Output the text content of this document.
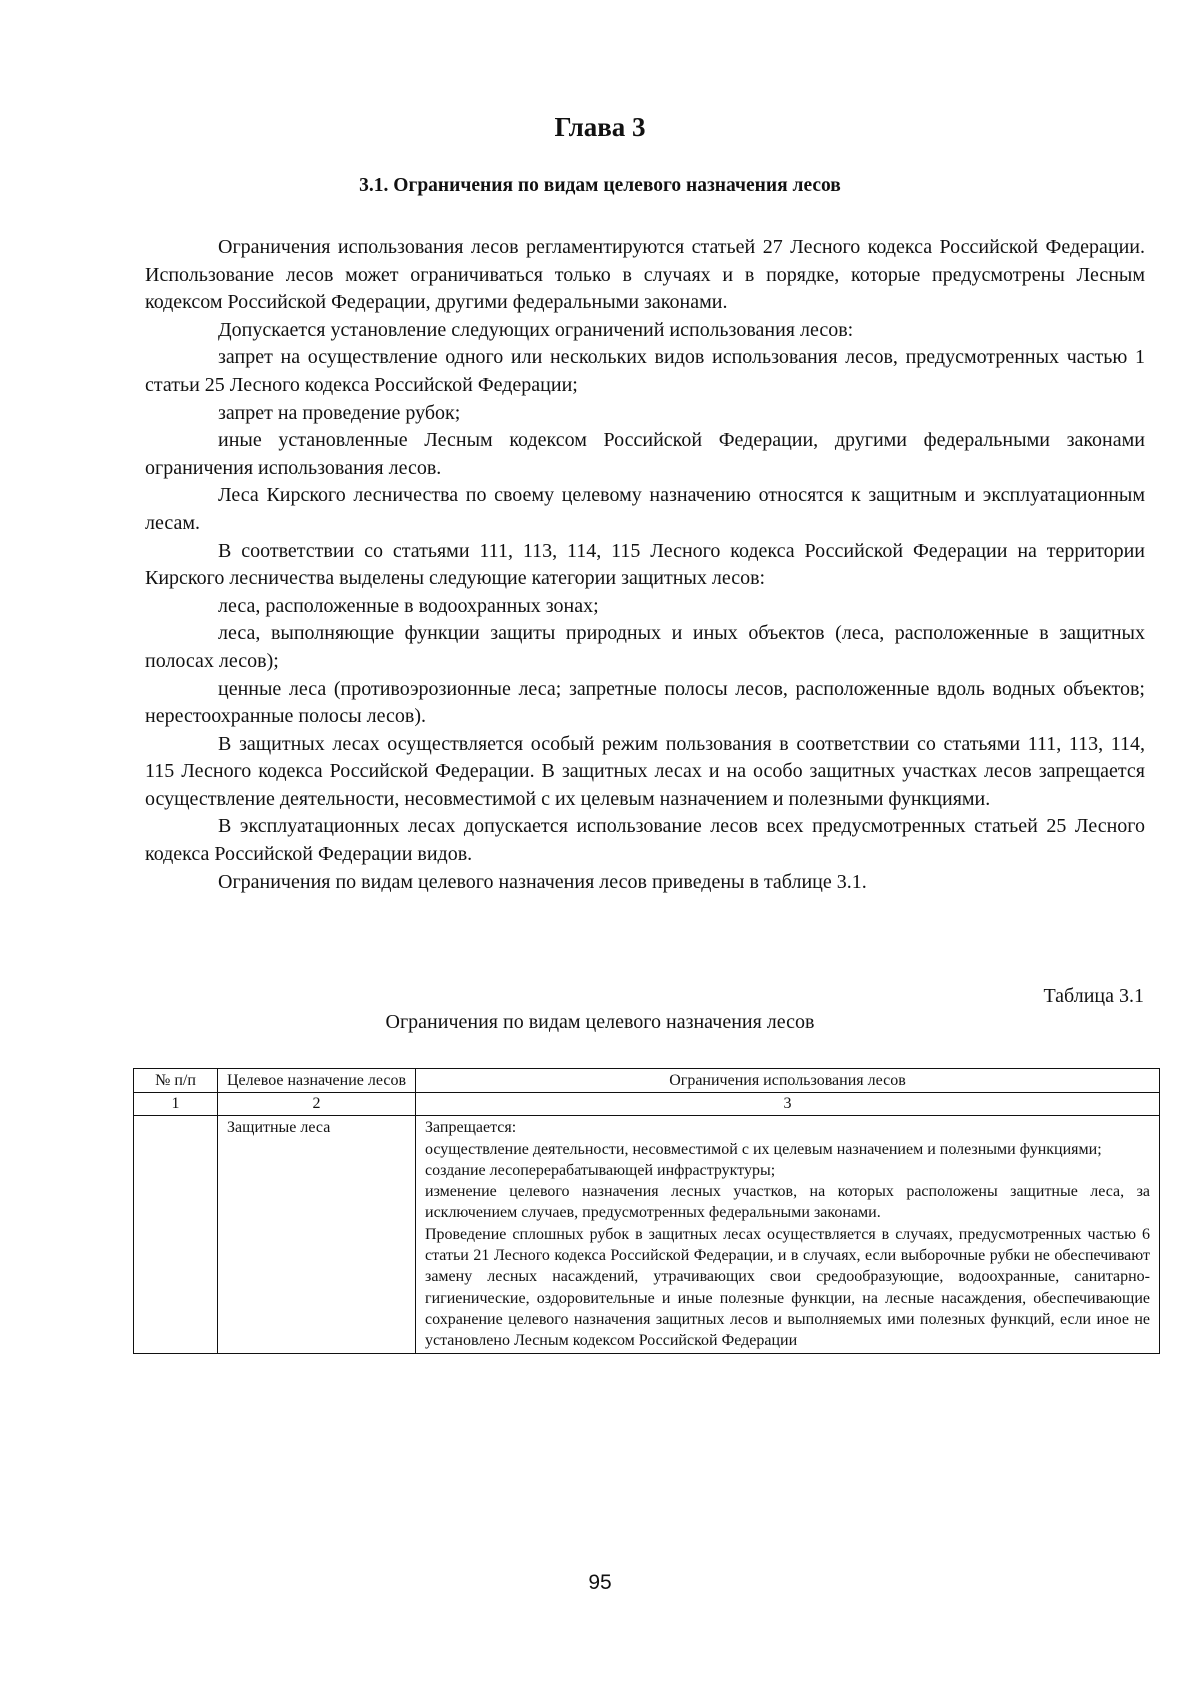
Глава 3
3.1. Ограничения по видам целевого назначения лесов

Ограничения использования лесов регламентируются статьей 27 Лесного кодекса Российской Федерации. Использование лесов может ограничиваться только в случаях и в порядке, которые предусмотрены Лесным кодексом Российской Федерации, другими федеральными законами.

Допускается установление следующих ограничений использования лесов:

запрет на осуществление одного или нескольких видов использования лесов, предусмотренных частью 1 статьи 25 Лесного кодекса Российской Федерации;

запрет на проведение рубок;

иные установленные Лесным кодексом Российской Федерации, другими федеральными законами ограничения использования лесов.

Леса Кирского лесничества по своему целевому назначению относятся к защитным и эксплуатационным лесам.

В соответствии со статьями 111, 113, 114, 115 Лесного кодекса Российской Федерации на территории Кирского лесничества выделены следующие категории защитных лесов:

леса, расположенные в водоохранных зонах;

леса, выполняющие функции защиты природных и иных объектов (леса, расположенные в защитных полосах лесов);

ценные леса (противоэрозионные леса; запретные полосы лесов, расположенные вдоль водных объектов; нерестоохранные полосы лесов).

В защитных лесах осуществляется особый режим пользования в соответствии со статьями 111, 113, 114, 115 Лесного кодекса Российской Федерации. В защитных лесах и на особо защитных участках лесов запрещается осуществление деятельности, несовместимой с их целевым назначением и полезными функциями.

В эксплуатационных лесах допускается использование лесов всех предусмотренных статьей 25 Лесного кодекса Российской Федерации видов.

Ограничения по видам целевого назначения лесов приведены в таблице 3.1.

Таблица 3.1

Ограничения по видам целевого назначения лесов

№ п/п	Целевое назначение лесов	Ограничения использования лесов
1	2	3
	Защитные леса	Запрещается:

осуществление деятельности, несовместимой с их целевым назначением и полезными функциями;

создание лесоперерабатывающей инфраструктуры;

изменение целевого назначения лесных участков, на которых расположены защитные леса, за исключением случаев, предусмотренных федеральными законами.

Проведение сплошных рубок в защитных лесах осуществляется в случаях, предусмотренных частью 6 статьи 21 Лесного кодекса Российской Федерации, и в случаях, если выборочные рубки не обеспечивают замену лесных насаждений, утрачивающих свои средообразующие, водоохранные, санитарно-гигиенические, оздоровительные и иные полезные функции, на лесные насаждения, обеспечивающие сохранение целевого назначения защитных лесов и выполняемых ими полезных функций, если иное не установлено Лесным кодексом Российской Федерации

95
